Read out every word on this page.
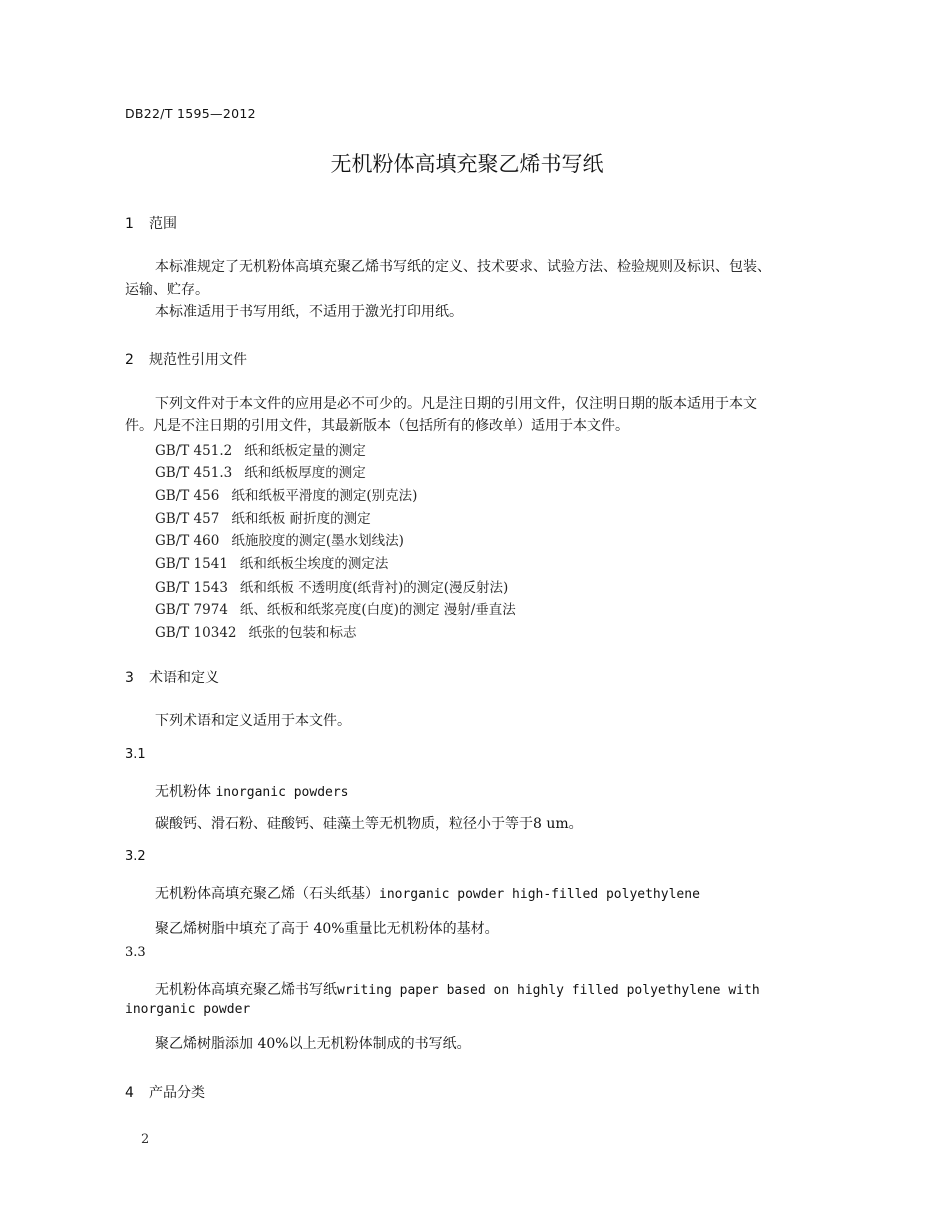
DB22/T 1595—2012
无机粉体高填充聚乙烯书写纸
1 范围
本标准规定了无机粉体高填充聚乙烯书写纸的定义、技术要求、试验方法、检验规则及标识、包装、
运输、贮存。
本标准适用于书写用纸，不适用于激光打印用纸。
2 规范性引用文件
下列文件对于本文件的应用是必不可少的。凡是注日期的引用文件，仅注明日期的版本适用于本文
件。凡是不注日期的引用文件，其最新版本（包括所有的修改单）适用于本文件。
GB/T 451.2 纸和纸板定量的测定
GB/T 451.3 纸和纸板厚度的测定
GB/T 456 纸和纸板平滑度的测定(别克法)
GB/T 457 纸和纸板 耐折度的测定
GB/T 460 纸施胶度的测定(墨水划线法)
GB/T 1541 纸和纸板尘埃度的测定法
GB/T 1543 纸和纸板 不透明度(纸背衬)的测定(漫反射法)
GB/T 7974 纸、纸板和纸浆亮度(白度)的测定 漫射/垂直法
GB/T 10342 纸张的包装和标志
3 术语和定义
下列术语和定义适用于本文件。
3.1
无机粉体 inorganic powders
碳酸钙、滑石粉、硅酸钙、硅藻土等无机物质，粒径小于等于8 um。
3.2
无机粉体高填充聚乙烯（石头纸基）inorganic powder high-filled polyethylene
聚乙烯树脂中填充了高于 40%重量比无机粉体的基材。
3.3
无机粉体高填充聚乙烯书写纸writing paper based on highly filled polyethylene with
inorganic powder
聚乙烯树脂添加 40%以上无机粉体制成的书写纸。
4 产品分类
2
